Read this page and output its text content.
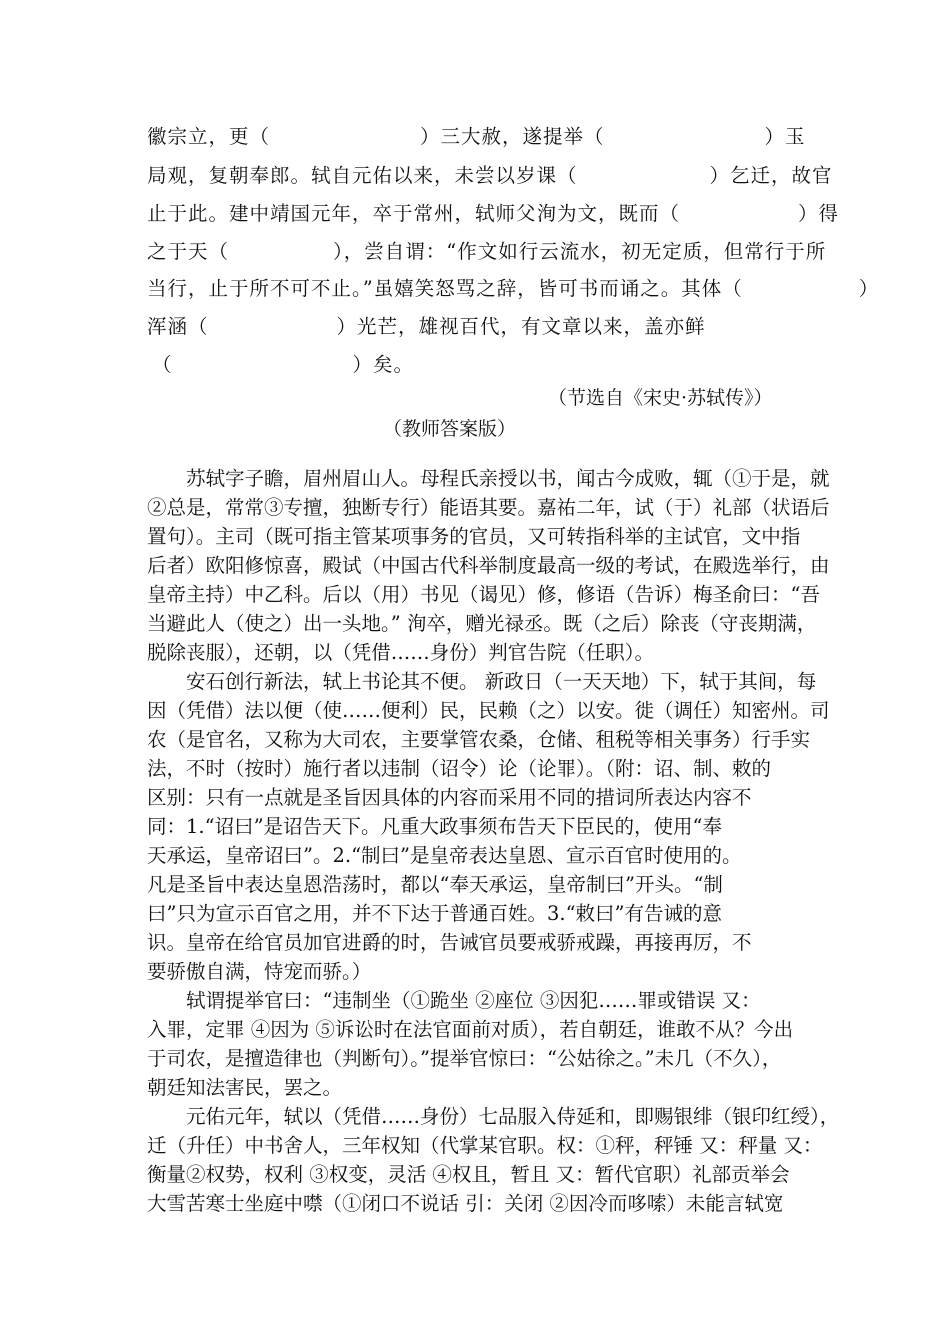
徽宗立，更（	）三大赦，遂提举（	）玉
局观，复朝奉郎。轼自元佑以来，未尝以岁课（	）乞迁，故官
止于此。建中靖国元年，卒于常州，轼师父洵为文，既而（	）得
之于天（	），尝自谓：“作文如行云流水，初无定质，但常行于所
当行，止于所不可不止。”虽嬉笑怒骂之辞，皆可书而诵之。其体（	）
浑涵（	）光芒，雄视百代，有文章以来，盖亦鲜
（	）矣。
（节选自《宋史·苏轼传》）
（教师答案版）

苏轼字子瞻，眉州眉山人。母程氏亲授以书，闻古今成败，辄（①于是，就
②总是，常常③专擅，独断专行）能语其要。嘉祐二年，试（于）礼部（状语后
置句）。主司（既可指主管某项事务的官员，又可转指科举的主试官，文中指
后者）欧阳修惊喜，殿试（中国古代科举制度最高一级的考试，在殿选举行，由
皇帝主持）中乙科。后以（用）书见（谒见）修，修语（告诉）梅圣俞曰：“吾
当避此人（使之）出一头地。” 洵卒，赠光禄丞。既（之后）除丧（守丧期满，
脱除丧服），还朝，以（凭借……身份）判官告院（任职）。

安石创行新法，轼上书论其不便。 新政日（一天天地）下，轼于其间，每
因（凭借）法以便（使……便利）民，民赖（之）以安。徙（调任）知密州。司
农（是官名，又称为大司农，主要掌管农桑，仓储、租税等相关事务）行手实
法，不时（按时）施行者以违制（诏令）论（论罪）。（附：诏、制、敕的
区别：只有一点就是圣旨因具体的内容而采用不同的措词所表达内容不
同：1.“诏曰”是诏告天下。凡重大政事须布告天下臣民的，使用“奉
天承运，皇帝诏曰”。2.“制曰”是皇帝表达皇恩、宣示百官时使用的。
凡是圣旨中表达皇恩浩荡时，都以“奉天承运，皇帝制曰”开头。“制
曰”只为宣示百官之用，并不下达于普通百姓。3.“敕曰”有告诫的意
识。皇帝在给官员加官进爵的时，告诫官员要戒骄戒躁，再接再厉，不
要骄傲自满，恃宠而骄。）

轼谓提举官曰：“违制坐（①跪坐 ②座位 ③因犯……罪或错误 又：
入罪，定罪 ④因为 ⑤诉讼时在法官面前对质），若自朝廷，谁敢不从？今出
于司农，是擅造律也（判断句）。”提举官惊曰：“公姑徐之。”未几（不久），
朝廷知法害民，罢之。

元佑元年，轼以（凭借……身份）七品服入侍延和，即赐银绯（银印红绶），
迁（升任）中书舍人，三年权知（代掌某官职。权：①秤，秤锤 又：秤量 又：
衡量②权势，权利 ③权变，灵活 ④权且，暂且 又：暂代官职）礼部贡举会
大雪苦寒士坐庭中噤（①闭口不说话 引：关闭 ②因冷而哆嗦）未能言轼宽
